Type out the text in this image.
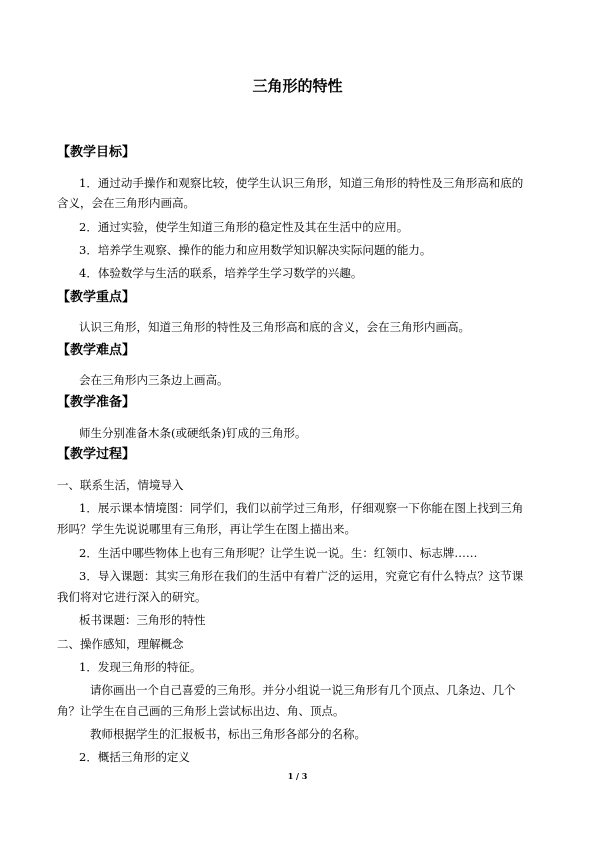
三角形的特性
【教学目标】
1．通过动手操作和观察比较，使学生认识三角形，知道三角形的特性及三角形高和底的
含义，会在三角形内画高。
2．通过实验，使学生知道三角形的稳定性及其在生活中的应用。
3．培养学生观察、操作的能力和应用数学知识解决实际问题的能力。
4．体验数学与生活的联系，培养学生学习数学的兴趣。
【教学重点】
认识三角形，知道三角形的特性及三角形高和底的含义，会在三角形内画高。
【教学难点】
会在三角形内三条边上画高。
【教学准备】
师生分别准备木条(或硬纸条)钉成的三角形。
【教学过程】
一、联系生活，情境导入
1．展示课本情境图：同学们，我们以前学过三角形，仔细观察一下你能在图上找到三角
形吗？学生先说说哪里有三角形，再让学生在图上描出来。
2．生活中哪些物体上也有三角形呢？让学生说一说。生：红领巾、标志牌……
3．导入课题：其实三角形在我们的生活中有着广泛的运用，究竟它有什么特点？这节课
我们将对它进行深入的研究。
板书课题：三角形的特性
二、操作感知，理解概念
1．发现三角形的特征。
请你画出一个自己喜爱的三角形。并分小组说一说三角形有几个顶点、几条边、几个
角？让学生在自己画的三角形上尝试标出边、角、顶点。
教师根据学生的汇报板书，标出三角形各部分的名称。
2．概括三角形的定义
1 / 3
